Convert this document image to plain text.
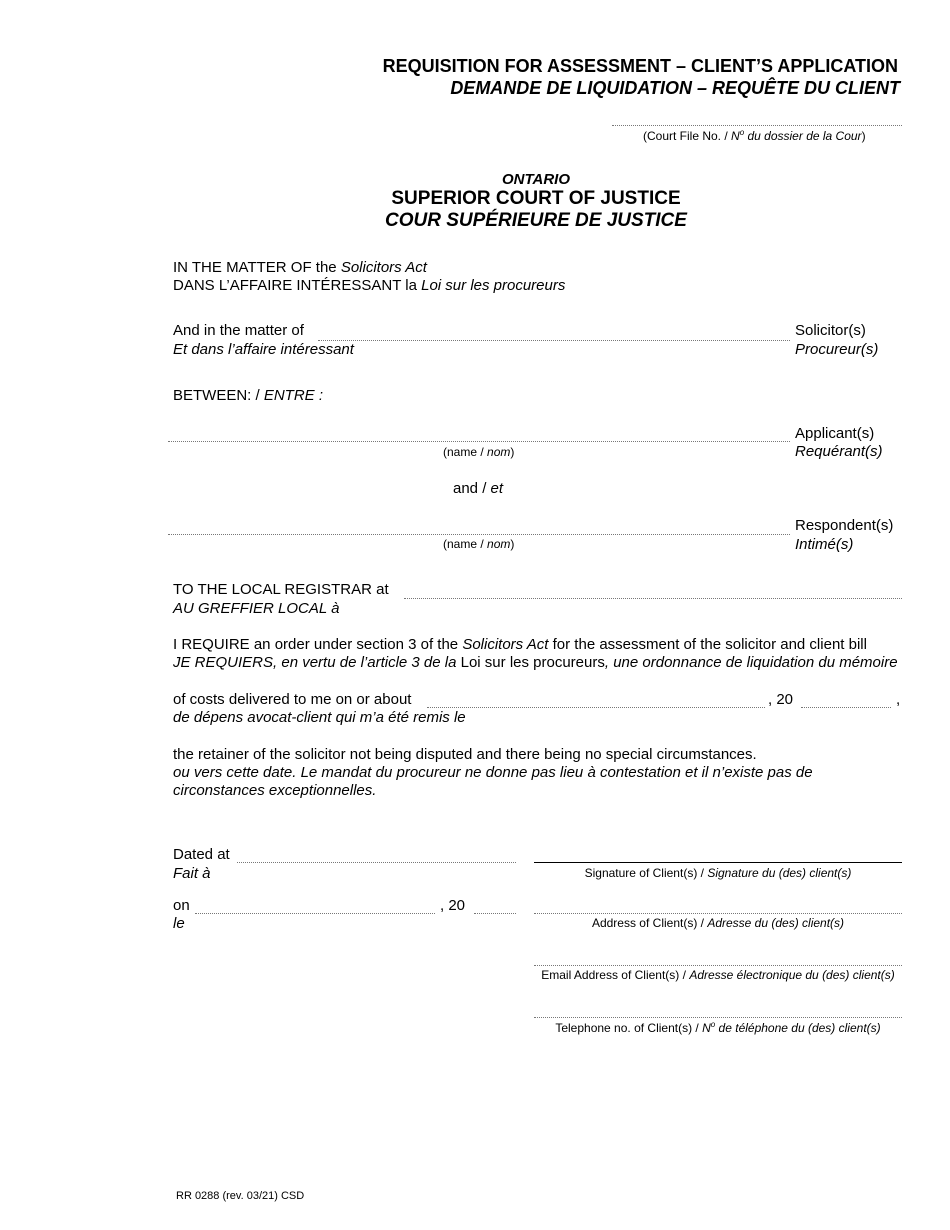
REQUISITION FOR ASSESSMENT – CLIENT’S APPLICATION
DEMANDE DE LIQUIDATION – REQUÊTE DU CLIENT
(Court File No. / $N^o$ du dossier de la Cour)
ONTARIO
SUPERIOR COURT OF JUSTICE
COUR SUPÉRIEURE DE JUSTICE
IN THE MATTER OF the Solicitors Act
DANS L’AFFAIRE INTÉRESSANT la Loi sur les procureurs
And in the matter of
Et dans l’affaire intéressant
Solicitor(s)
Procureur(s)
BETWEEN: / ENTRE :
Applicant(s)
Requérant(s)
(name / nom)
and / et
Respondent(s)
Intimé(s)
(name / nom)
TO THE LOCAL REGISTRAR at
AU GREFFIER LOCAL à
I REQUIRE an order under section 3 of the Solicitors Act for the assessment of the solicitor and client bill
JE REQUIERS, en vertu de l’article 3 de la Loi sur les procureurs, une ordonnance de liquidation du mémoire
of costs delivered to me on or about	, 20	,
de dépens avocat-client qui m’a été remis le
the retainer of the solicitor not being disputed and there being no special circumstances.
ou vers cette date. Le mandat du procureur ne donne pas lieu à contestation et il n’existe pas de
circonstances exceptionnelles.
Dated at
Fait à
on
le
, 20
Signature of Client(s) / Signature du (des) client(s)
Address of Client(s) / Adresse du (des) client(s)
Email Address of Client(s) / Adresse électronique du (des) client(s)
Telephone no. of Client(s) / $N^o$ de téléphone du (des) client(s)
RR 0288 (rev. 03/21) CSD
